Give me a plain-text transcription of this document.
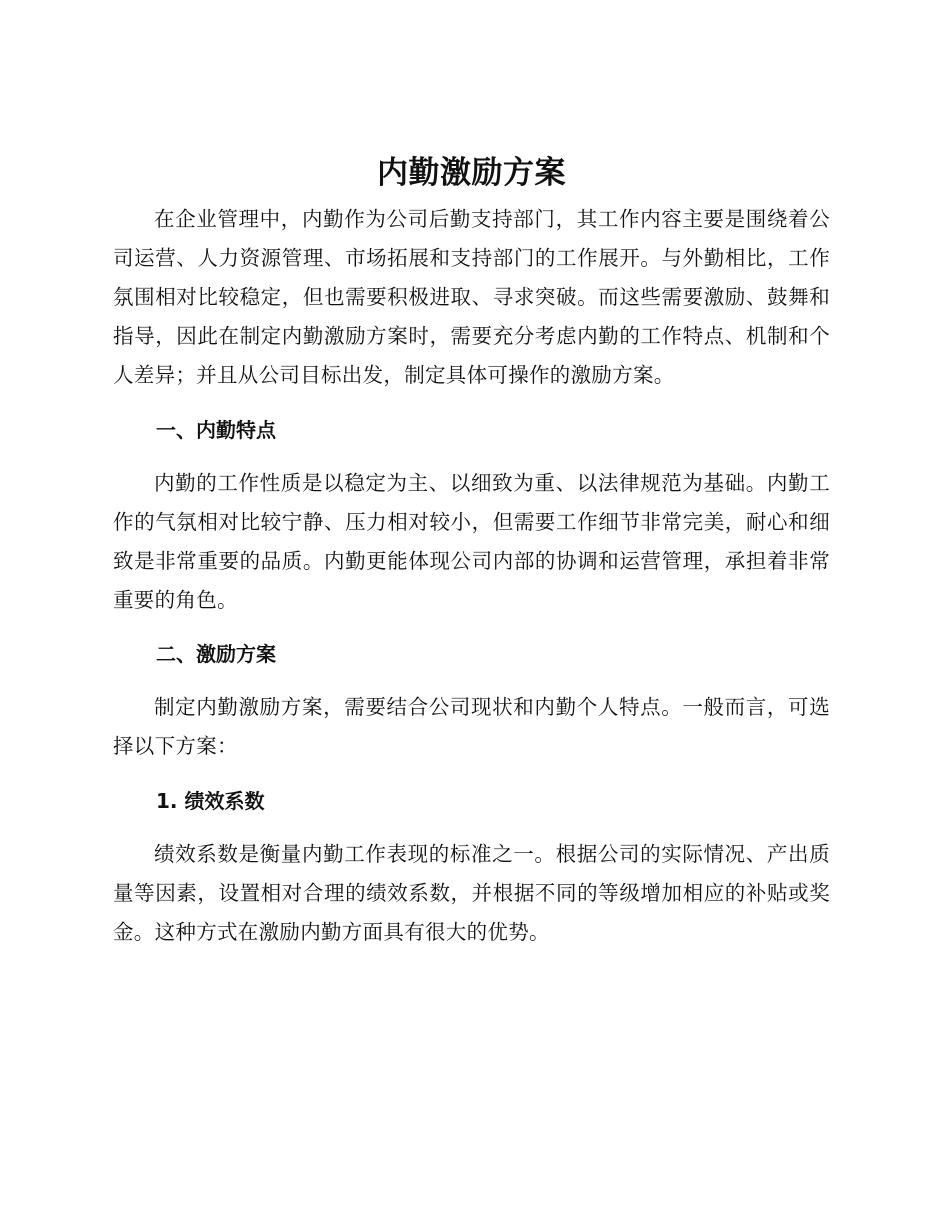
内勤激励方案

在企业管理中，内勤作为公司后勤支持部门，其工作内容主要是围绕着公司运营、人力资源管理、市场拓展和支持部门的工作展开。与外勤相比，工作氛围相对比较稳定，但也需要积极进取、寻求突破。而这些需要激励、鼓舞和指导，因此在制定内勤激励方案时，需要充分考虑内勤的工作特点、机制和个人差异；并且从公司目标出发，制定具体可操作的激励方案。

一、内勤特点

内勤的工作性质是以稳定为主、以细致为重、以法律规范为基础。内勤工作的气氛相对比较宁静、压力相对较小，但需要工作细节非常完美，耐心和细致是非常重要的品质。内勤更能体现公司内部的协调和运营管理，承担着非常重要的角色。

二、激励方案

制定内勤激励方案，需要结合公司现状和内勤个人特点。一般而言，可选择以下方案：

1. 绩效系数

绩效系数是衡量内勤工作表现的标准之一。根据公司的实际情况、产出质量等因素，设置相对合理的绩效系数，并根据不同的等级增加相应的补贴或奖金。这种方式在激励内勤方面具有很大的优势。
